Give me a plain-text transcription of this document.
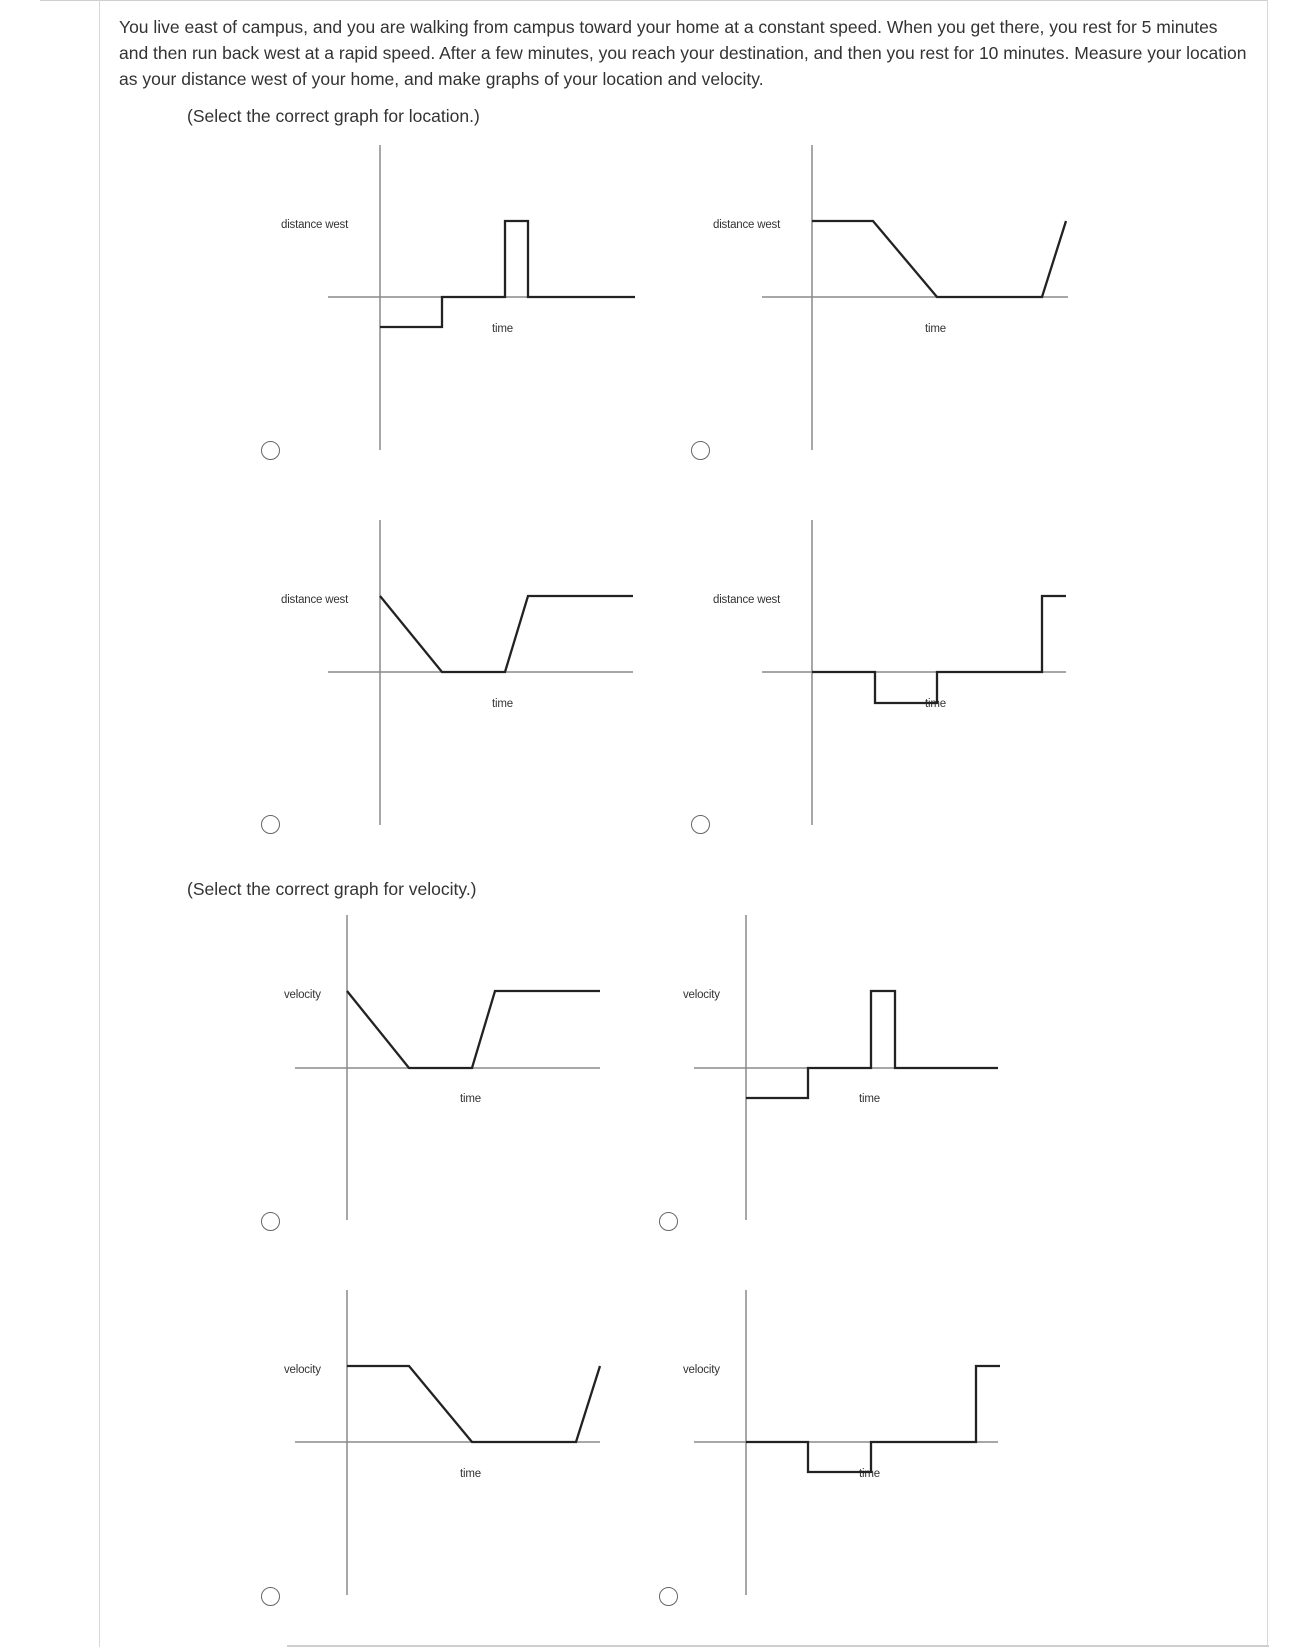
You live east of campus, and you are walking from campus toward your home at a constant speed. When you get there, you rest for 5 minutes and then run back west at a rapid speed. After a few minutes, you reach your destination, and then you rest for 10 minutes. Measure your location as your distance west of your home, and make graphs of your location and velocity.

(Select the correct graph for location.)

(Select the correct graph for velocity.)

distance west
time
distance west
time
distance west
time
distance west
time
velocity
time
velocity
time
velocity
time
velocity
time
